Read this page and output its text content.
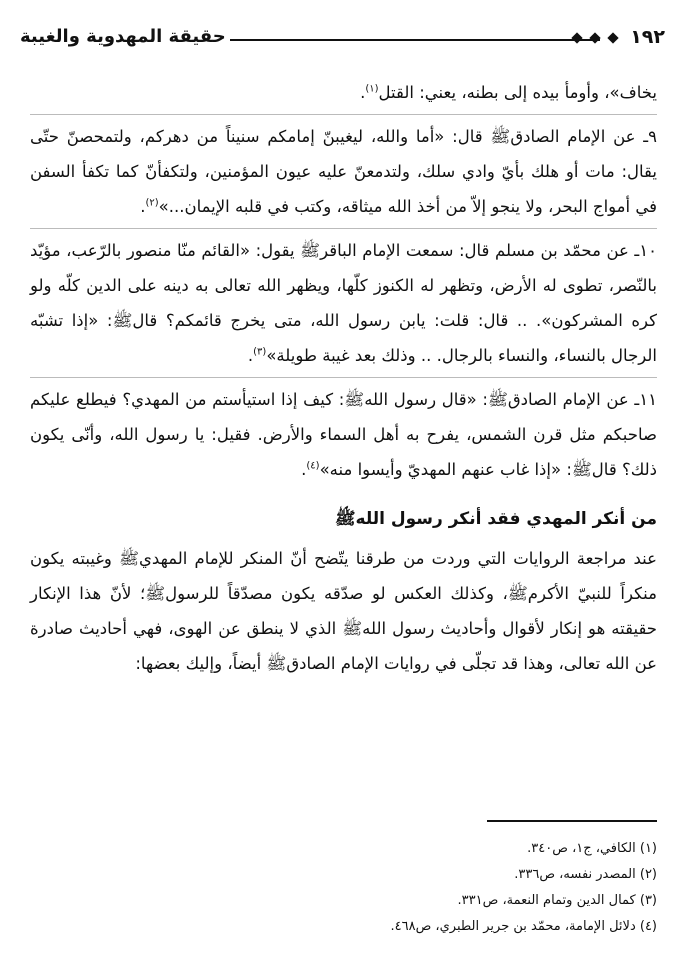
١٩٢
حقيقة المهدوية والغيبة

يخاف»، وأومأ بيده إلى بطنه، يعني: القتل$^{(١)}$.

٩ـ عن الإمام الصادقﷺ قال: «أما والله، ليغيبنّ إمامكم سنيناً من دهركم، ولتمحصنّ حتّى يقال: مات أو هلك بأيّ وادي سلك، ولتدمعنّ عليه عيون المؤمنين، ولتكفأنّ كما تكفأ السفن في أمواج البحر، ولا ينجو إلاّ من أخذ الله ميثاقه، وكتب في قلبه الإيمان...»$^{(٢)}$.

١٠ـ عن محمّد بن مسلم قال: سمعت الإمام الباقرﷺ يقول: «القائم منّا منصور بالرّعب، مؤيّد بالنّصر، تطوى له الأرض، وتظهر له الكنوز كلّها، ويظهر الله تعالى به دينه على الدين كلّه ولو كره المشركون». .. قال: قلت: يابن رسول الله، متى يخرج قائمكم؟ قالﷺ: «إذا تشبّه الرجال بالنساء، والنساء بالرجال. .. وذلك بعد غيبة طويلة»$^{(٣)}$.

١١ـ عن الإمام الصادقﷺ: «قال رسول اللهﷺ: كيف إذا استيأستم من المهدي؟ فيطلع عليكم صاحبكم مثل قرن الشمس، يفرح به أهل السماء والأرض. فقيل: يا رسول الله، وأنّى يكون ذلك؟ قالﷺ: «إذا غاب عنهم المهديّ وأيسوا منه»$^{(٤)}$.

من أنكر المهدي فقد أنكر رسول اللهﷺ

عند مراجعة الروايات التي وردت من طرقنا يتّضح أنّ المنكر للإمام المهديﷺ وغيبته يكون منكراً للنبيّ الأكرمﷺ، وكذلك العكس لو صدّقه يكون مصدّقاً للرسولﷺ؛ لأنّ هذا الإنكار حقيقته هو إنكار لأقوال وأحاديث رسول اللهﷺ الذي لا ينطق عن الهوى، فهي أحاديث صادرة عن الله تعالى، وهذا قد تجلّى في روايات الإمام الصادقﷺ أيضاً، وإليك بعضها:

(١) الكافي، ج١، ص٣٤٠.

(٢) المصدر نفسه، ص٣٣٦.

(٣) كمال الدين وتمام النعمة، ص٣٣١.

(٤) دلائل الإمامة، محمّد بن جرير الطبري، ص٤٦٨.
